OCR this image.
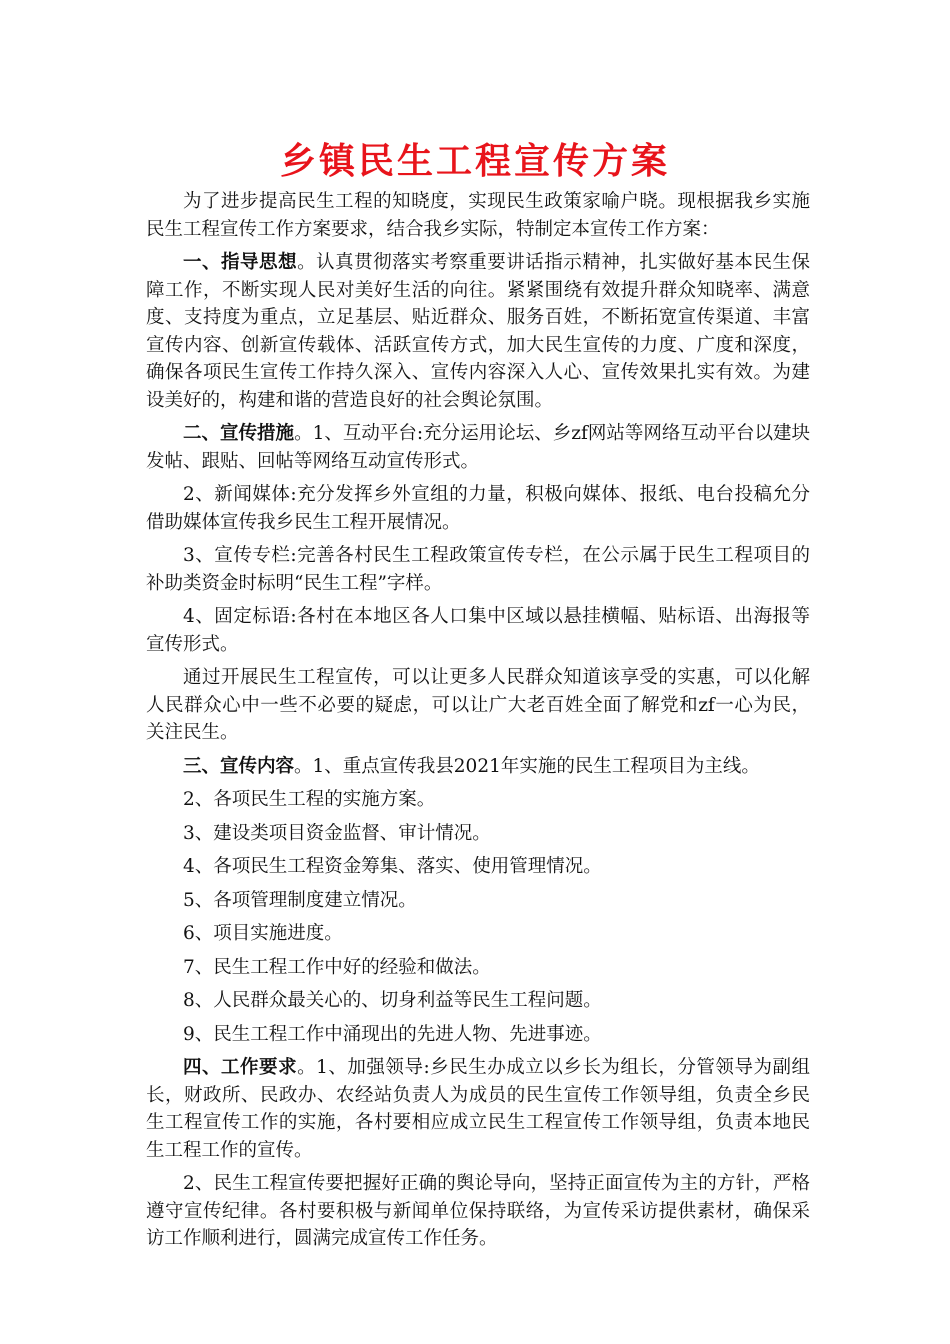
乡镇民生工程宣传方案

为了进步提高民生工程的知晓度，实现民生政策家喻户晓。现根据我乡实施民生工程宣传工作方案要求，结合我乡实际，特制定本宣传工作方案：

一、指导思想。认真贯彻落实考察重要讲话指示精神，扎实做好基本民生保障工作，不断实现人民对美好生活的向往。紧紧围绕有效提升群众知晓率、满意度、支持度为重点，立足基层、贴近群众、服务百姓，不断拓宽宣传渠道、丰富宣传内容、创新宣传载体、活跃宣传方式，加大民生宣传的力度、广度和深度，确保各项民生宣传工作持久深入、宣传内容深入人心、宣传效果扎实有效。为建设美好的，构建和谐的营造良好的社会舆论氛围。

二、宣传措施。1、互动平台:充分运用论坛、乡zf网站等网络互动平台以建块发帖、跟贴、回帖等网络互动宣传形式。

2、新闻媒体:充分发挥乡外宣组的力量，积极向媒体、报纸、电台投稿允分借助媒体宣传我乡民生工程开展情况。

3、宣传专栏:完善各村民生工程政策宣传专栏，在公示属于民生工程项目的补助类资金时标明“民生工程”字样。

4、固定标语:各村在本地区各人口集中区域以悬挂横幅、贴标语、出海报等宣传形式。

通过开展民生工程宣传，可以让更多人民群众知道该享受的实惠，可以化解人民群众心中一些不必要的疑虑，可以让广大老百姓全面了解党和zf一心为民，关注民生。

三、宣传内容。1、重点宣传我县2021年实施的民生工程项目为主线。

2、各项民生工程的实施方案。

3、建设类项目资金监督、审计情况。

4、各项民生工程资金筹集、落实、使用管理情况。

5、各项管理制度建立情况。

6、项目实施进度。

7、民生工程工作中好的经验和做法。

8、人民群众最关心的、切身利益等民生工程问题。

9、民生工程工作中涌现出的先进人物、先进事迹。

四、工作要求。1、加强领导:乡民生办成立以乡长为组长，分管领导为副组长，财政所、民政办、农经站负责人为成员的民生宣传工作领导组，负责全乡民生工程宣传工作的实施，各村要相应成立民生工程宣传工作领导组，负责本地民生工程工作的宣传。

2、民生工程宣传要把握好正确的舆论导向，坚持正面宣传为主的方针，严格遵守宣传纪律。各村要积极与新闻单位保持联络，为宣传采访提供素材，确保采访工作顺利进行，圆满完成宣传工作任务。
